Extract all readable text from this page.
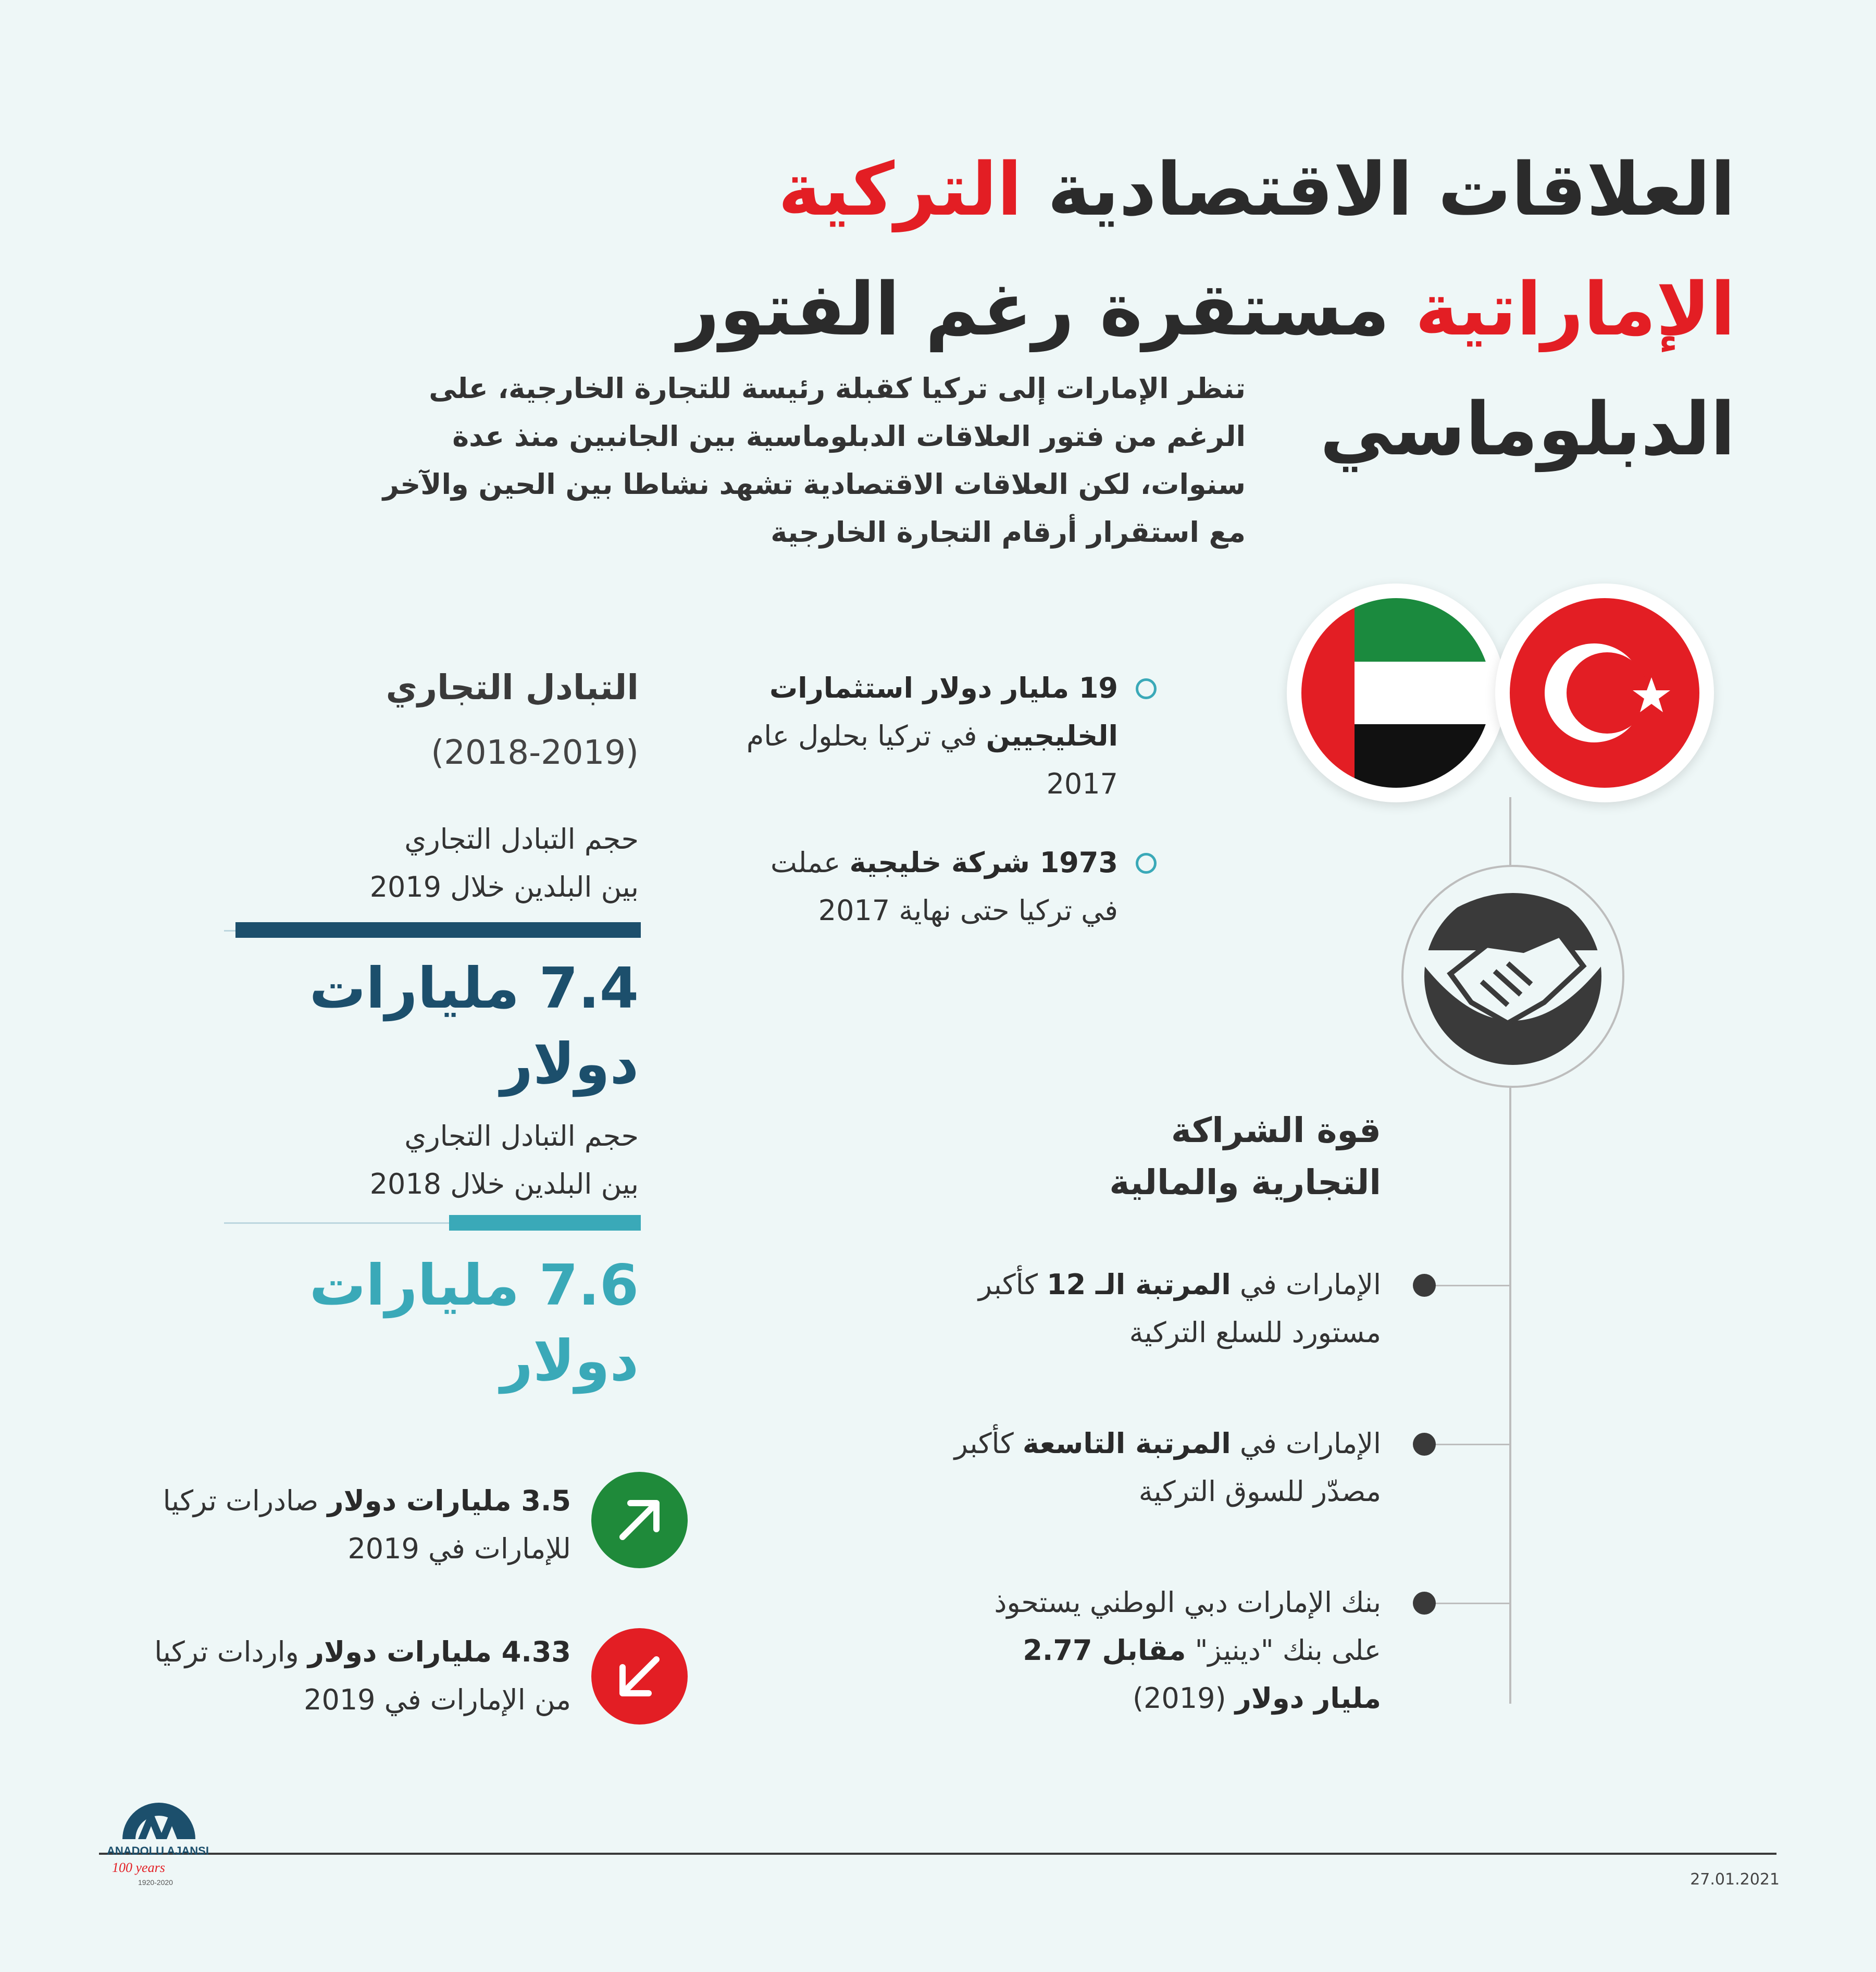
العلاقات الاقتصادية التركية
الإماراتية مستقرة رغم الفتور
الدبلوماسي
تنظر الإمارات إلى تركيا كقبلة رئيسة للتجارة الخارجية، على الرغم من فتور العلاقات الدبلوماسية بين الجانبين منذ عدة سنوات، لكن العلاقات الاقتصادية تشهد نشاطا بين الحين والآخر مع استقرار أرقام التجارة الخارجية
19 مليار دولار استثمارات الخليجيين في تركيا بحلول عام 2017
1973 شركة خليجية عملت في تركيا حتى نهاية 2017
قوة الشراكة
التجارية والمالية
الإمارات في المرتبة الـ 12 كأكبر مستورد للسلع التركية
الإمارات في المرتبة التاسعة كأكبر مصدّر للسوق التركية
بنك الإمارات دبي الوطني يستحوذ على بنك "دينيز" مقابل 2.77 مليار دولار (2019)
التبادل التجاري
(2018-2019)
حجم التبادل التجاري
بين البلدين خلال 2019
7.4 مليارات
دولار
حجم التبادل التجاري
بين البلدين خلال 2018
7.6 مليارات
دولار
3.5 مليارات دولار صادرات تركيا للإمارات في 2019
4.33 مليارات دولار واردات تركيا من الإمارات في 2019
ANADOLU AJANSI
100 years
1920-2020	27.01.2021
